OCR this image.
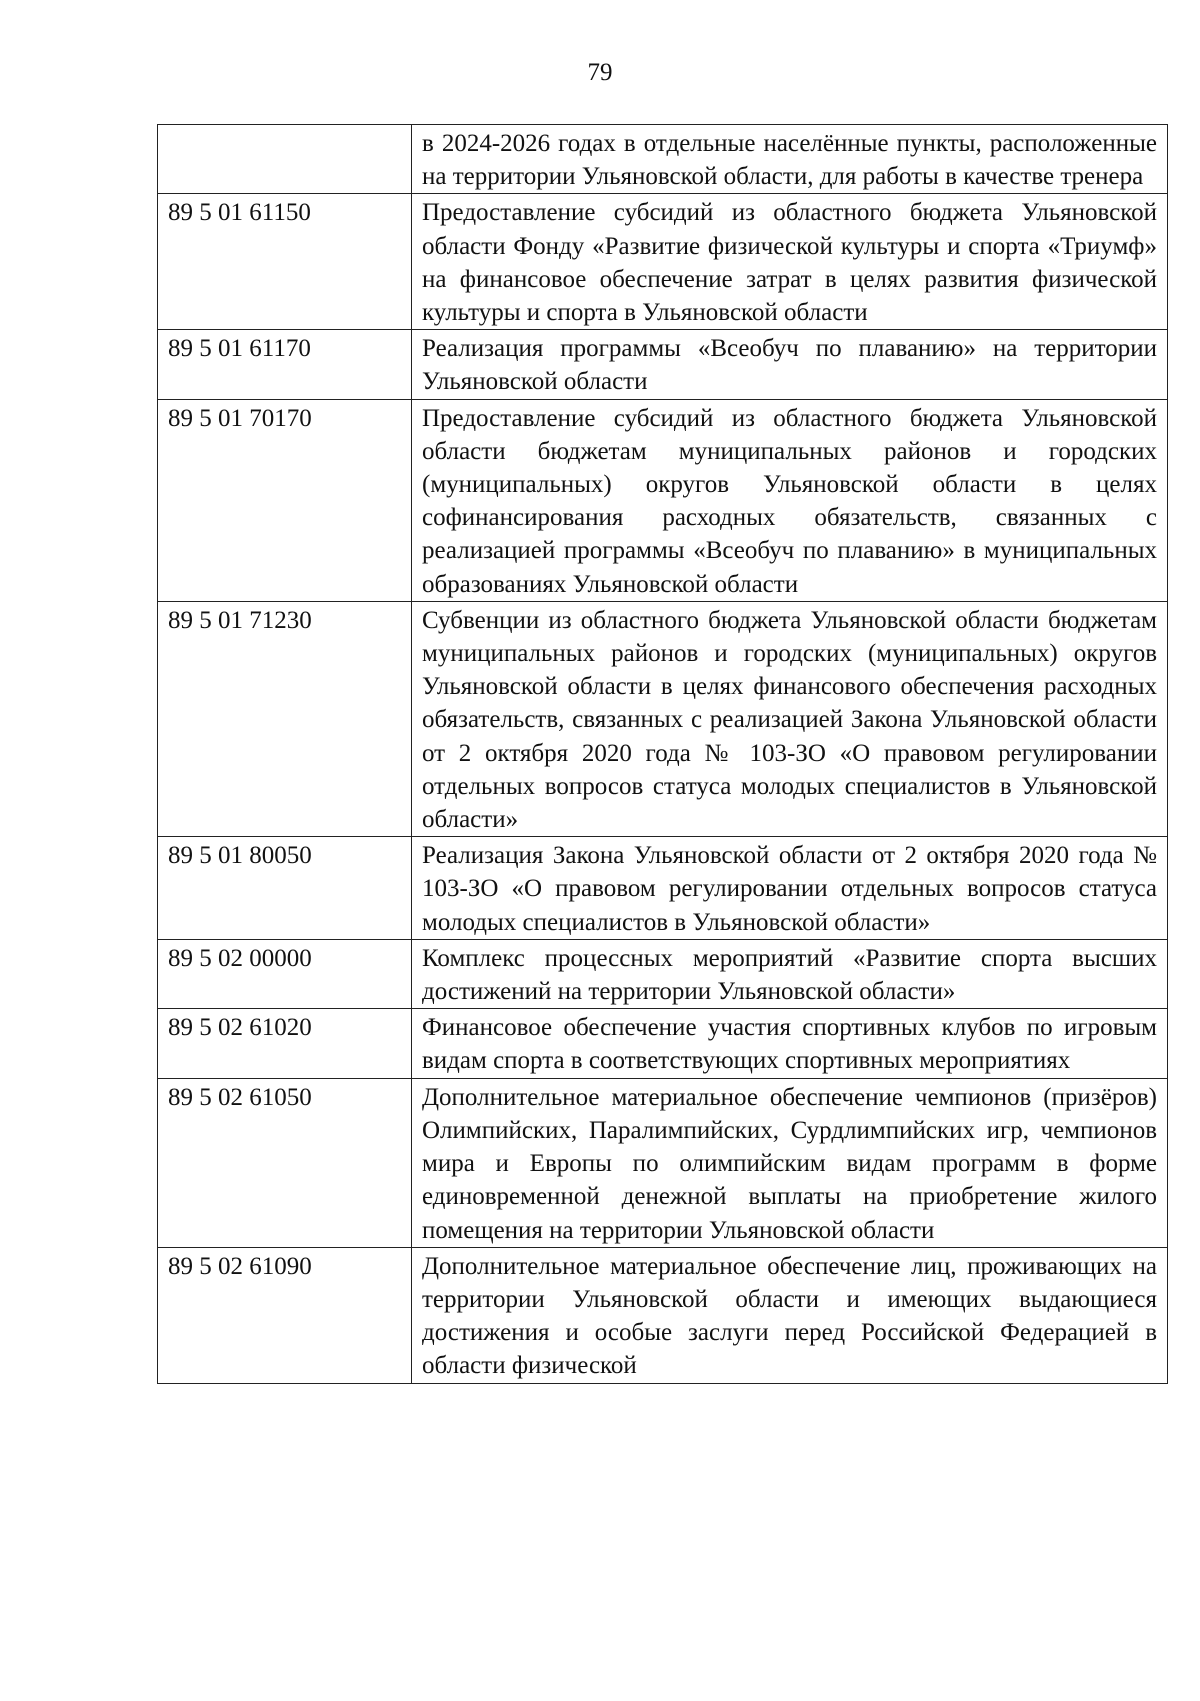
79
	в 2024-2026 годах в отдельные населённые пункты, расположенные на территории Ульяновской области, для работы в качестве тренера
89 5 01 61150	Предоставление субсидий из областного бюджета Ульяновской области Фонду «Развитие физической культуры и спорта «Триумф» на финансовое обеспечение затрат в целях развития физической культуры и спорта в Ульяновской области
89 5 01 61170	Реализация программы «Всеобуч по плаванию» на территории Ульяновской области
89 5 01 70170	Предоставление субсидий из областного бюджета Ульяновской области бюджетам муниципальных районов и городских (муниципальных) округов Ульяновской области в целях софинансирования расходных обязательств, связанных с реализацией программы «Всеобуч по плаванию» в муниципальных образованиях Ульяновской области
89 5 01 71230	Субвенции из областного бюджета Ульяновской области бюджетам муниципальных районов и городских (муниципальных) округов Ульяновской области в целях финансового обеспечения расходных обязательств, связанных с реализацией Закона Ульяновской области от 2 октября 2020 года № 103-ЗО «О правовом регулировании отдельных вопросов статуса молодых специалистов в Ульяновской области»
89 5 01 80050	Реализация Закона Ульяновской области от 2 октября 2020 года № 103-ЗО «О правовом регулировании отдельных вопросов статуса молодых специалистов в Ульяновской области»
89 5 02 00000	Комплекс процессных мероприятий «Развитие спорта высших достижений на территории Ульяновской области»
89 5 02 61020	Финансовое обеспечение участия спортивных клубов по игровым видам спорта в соответствующих спортивных мероприятиях
89 5 02 61050	Дополнительное материальное обеспечение чемпионов (призёров) Олимпийских, Паралимпийских, Сурдлимпийских игр, чемпионов мира и Европы по олимпийским видам программ в форме единовременной денежной выплаты на приобретение жилого помещения на территории Ульяновской области
89 5 02 61090	Дополнительное материальное обеспечение лиц, проживающих на территории Ульяновской области и имеющих выдающиеся достижения и особые заслуги перед Российской Федерацией в области физической
